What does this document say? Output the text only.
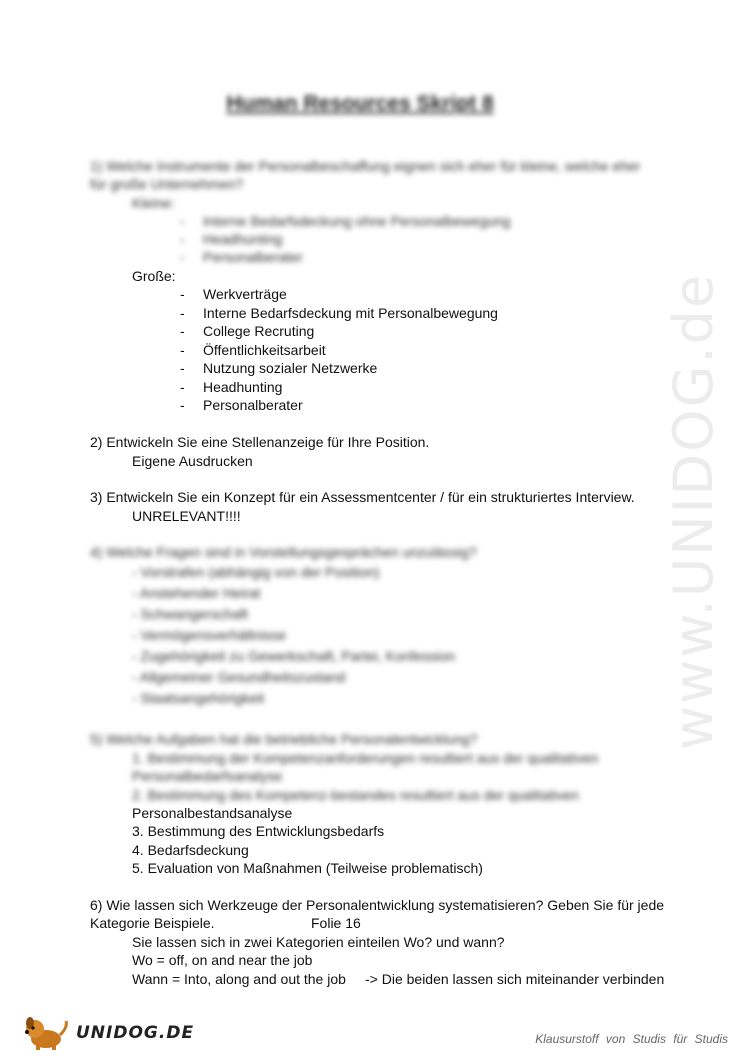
www.UNIDOG.de
Human Resources Skript 8
1) Welche Instrumente der Personalbeschaffung eignen sich eher für kleine, welche eher
für große Unternehmen?
Kleine:
- Interne Bedarfsdeckung ohne Personalbewegung
- Headhunting
- Personalberater
Große:
- Werkverträge
- Interne Bedarfsdeckung mit Personalbewegung
- College Recruting
- Öffentlichkeitsarbeit
- Nutzung sozialer Netzwerke
- Headhunting
- Personalberater
2) Entwickeln Sie eine Stellenanzeige für Ihre Position.
Eigene Ausdrucken
3) Entwickeln Sie ein Konzept für ein Assessmentcenter / für ein strukturiertes Interview.
UNRELEVANT!!!!
4) Welche Fragen sind in Vorstellungsgesprächen unzulässig?
- Vorstrafen (abhängig von der Position)
- Anstehender Heirat
- Schwangerschaft
- Vermögensverhältnisse
- Zugehörigkeit zu Gewerkschaft, Partei, Konfession
- Allgemeiner Gesundheitszustand
- Staatsangehörigkeit
5) Welche Aufgaben hat die betriebliche Personalentwicklung?
1. Bestimmung der Kompetenzanforderungen resultiert aus der qualitativen
Personalbedarfsanalyse
2. Bestimmung des Kompetenz-bestandes resultiert aus der qualitativen
Personalbestandsanalyse
3. Bestimmung des Entwicklungsbedarfs
4. Bedarfsdeckung
5. Evaluation von Maßnahmen (Teilweise problematisch)
6) Wie lassen sich Werkzeuge der Personalentwicklung systematisieren? Geben Sie für jede
Kategorie Beispiele.	Folie 16
Sie lassen sich in zwei Kategorien einteilen Wo? und wann?
Wo = off, on and near the job
Wann = Into, along and out the job -> Die beiden lassen sich miteinander verbinden
UNIDOG.DE	Klausurstoff von Studis für Studis
